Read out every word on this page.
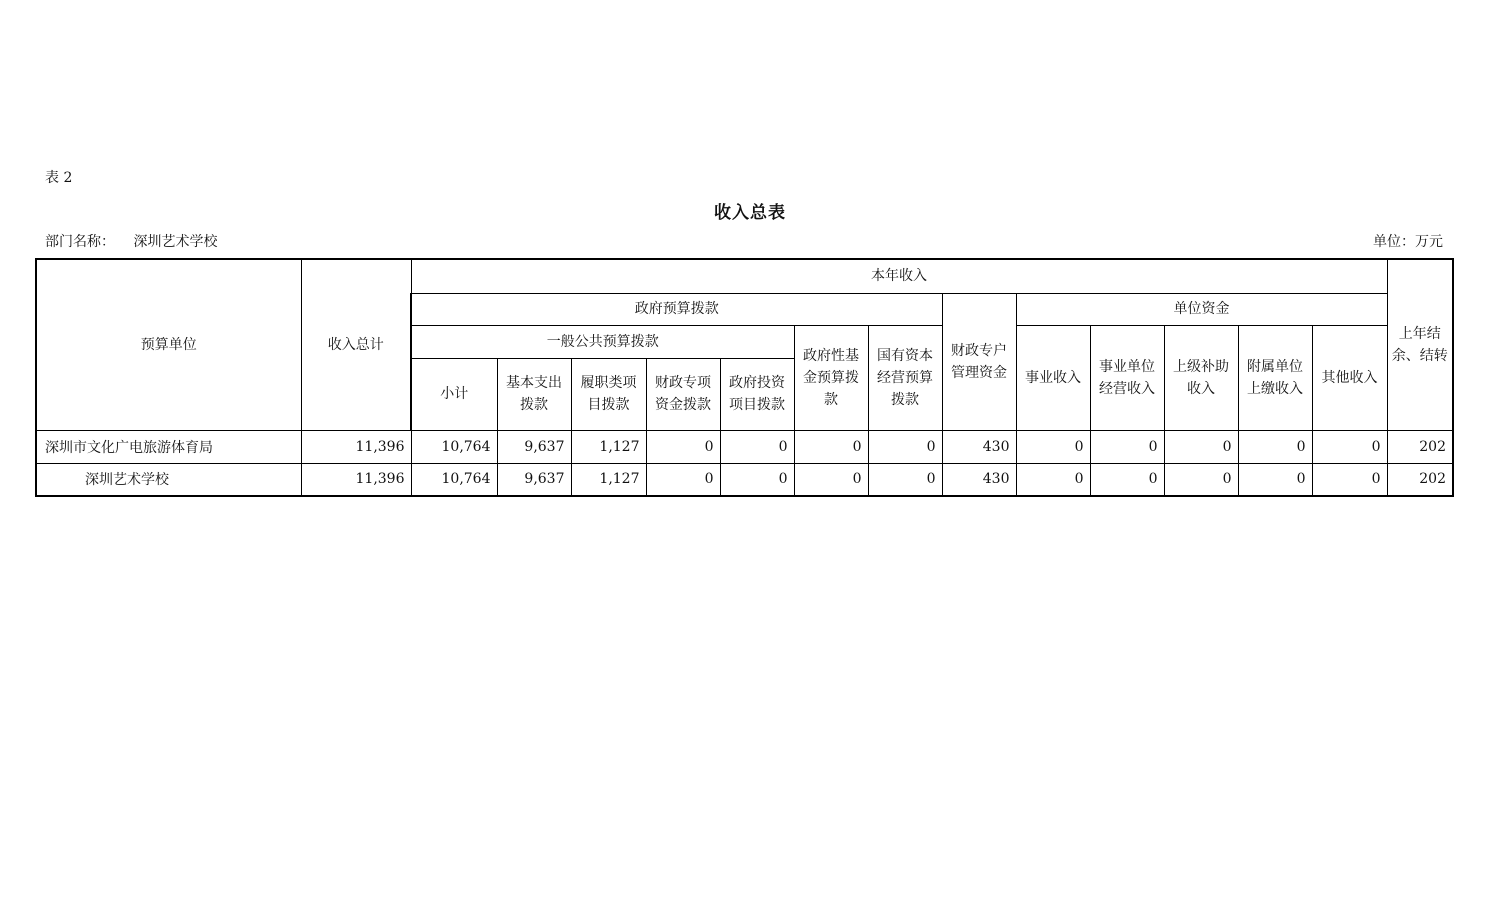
表 2
收入总表
部门名称： 深圳艺术学校	单位：万元
预算单位	收入总计	本年收入													上年结余、结转
		政府预算拨款							财政专户管理资金	单位资金					
		一般公共预算拨款					政府性基金预算拨款	国有资本经营预算拨款		事业收入	事业单位经营收入	上级补助收入	附属单位上缴收入	其他收入	
		小计	基本支出拨款	履职类项目拨款	财政专项资金拨款	政府投资项目拨款									
深圳市文化广电旅游体育局	11,396	10,764	9,637	1,127	0	0	0	0	430	0	0	0	0	0	202
深圳艺术学校	11,396	10,764	9,637	1,127	0	0	0	0	430	0	0	0	0	0	202
